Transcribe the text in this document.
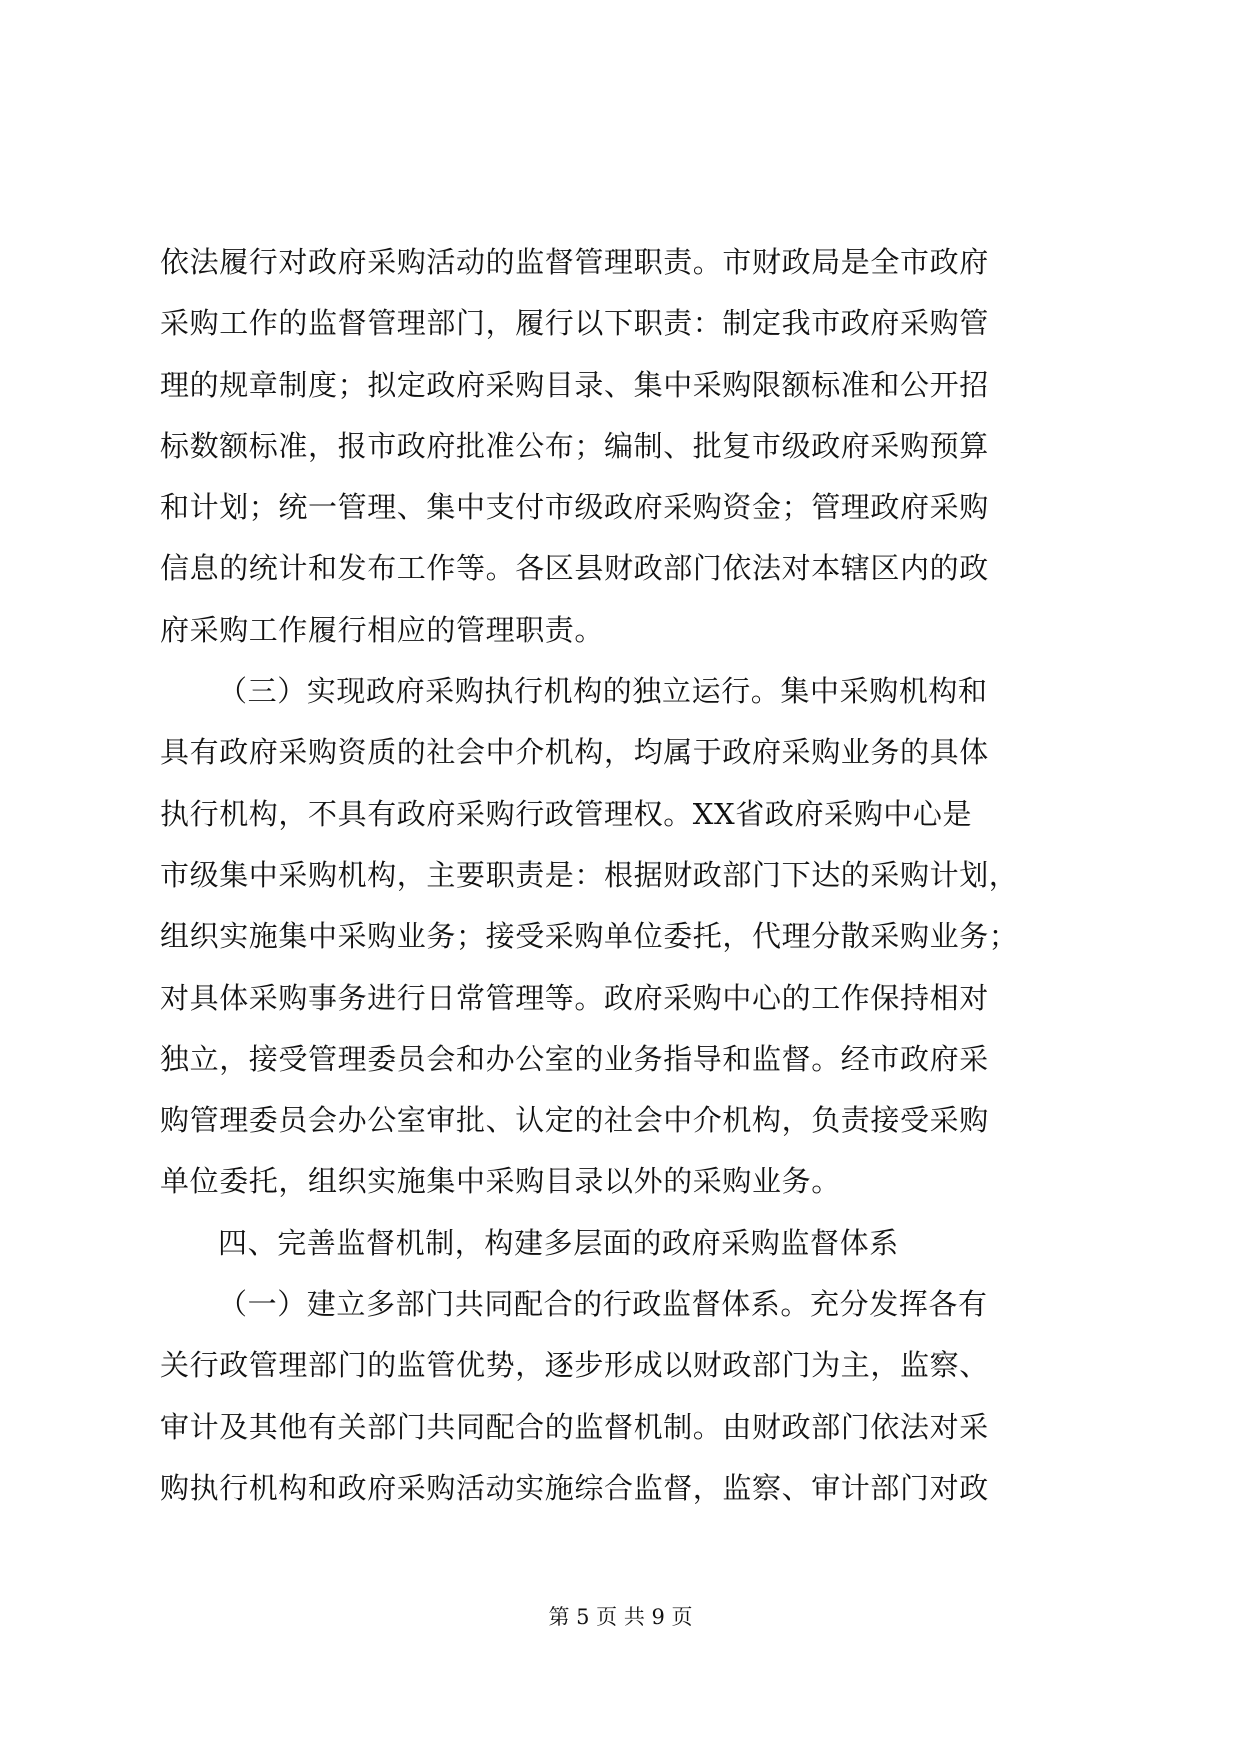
依法履行对政府采购活动的监督管理职责。市财政局是全市政府
采购工作的监督管理部门，履行以下职责：制定我市政府采购管
理的规章制度；拟定政府采购目录、集中采购限额标准和公开招
标数额标准，报市政府批准公布；编制、批复市级政府采购预算
和计划；统一管理、集中支付市级政府采购资金；管理政府采购
信息的统计和发布工作等。各区县财政部门依法对本辖区内的政
府采购工作履行相应的管理职责。
（三）实现政府采购执行机构的独立运行。集中采购机构和
具有政府采购资质的社会中介机构，均属于政府采购业务的具体
执行机构，不具有政府采购行政管理权。XX省政府采购中心是
市级集中采购机构，主要职责是：根据财政部门下达的采购计划，
组织实施集中采购业务；接受采购单位委托，代理分散采购业务；
对具体采购事务进行日常管理等。政府采购中心的工作保持相对
独立，接受管理委员会和办公室的业务指导和监督。经市政府采
购管理委员会办公室审批、认定的社会中介机构，负责接受采购
单位委托，组织实施集中采购目录以外的采购业务。
四、完善监督机制，构建多层面的政府采购监督体系
（一）建立多部门共同配合的行政监督体系。充分发挥各有
关行政管理部门的监管优势，逐步形成以财政部门为主，监察、
审计及其他有关部门共同配合的监督机制。由财政部门依法对采
购执行机构和政府采购活动实施综合监督，监察、审计部门对政
第 5 页 共 9 页
